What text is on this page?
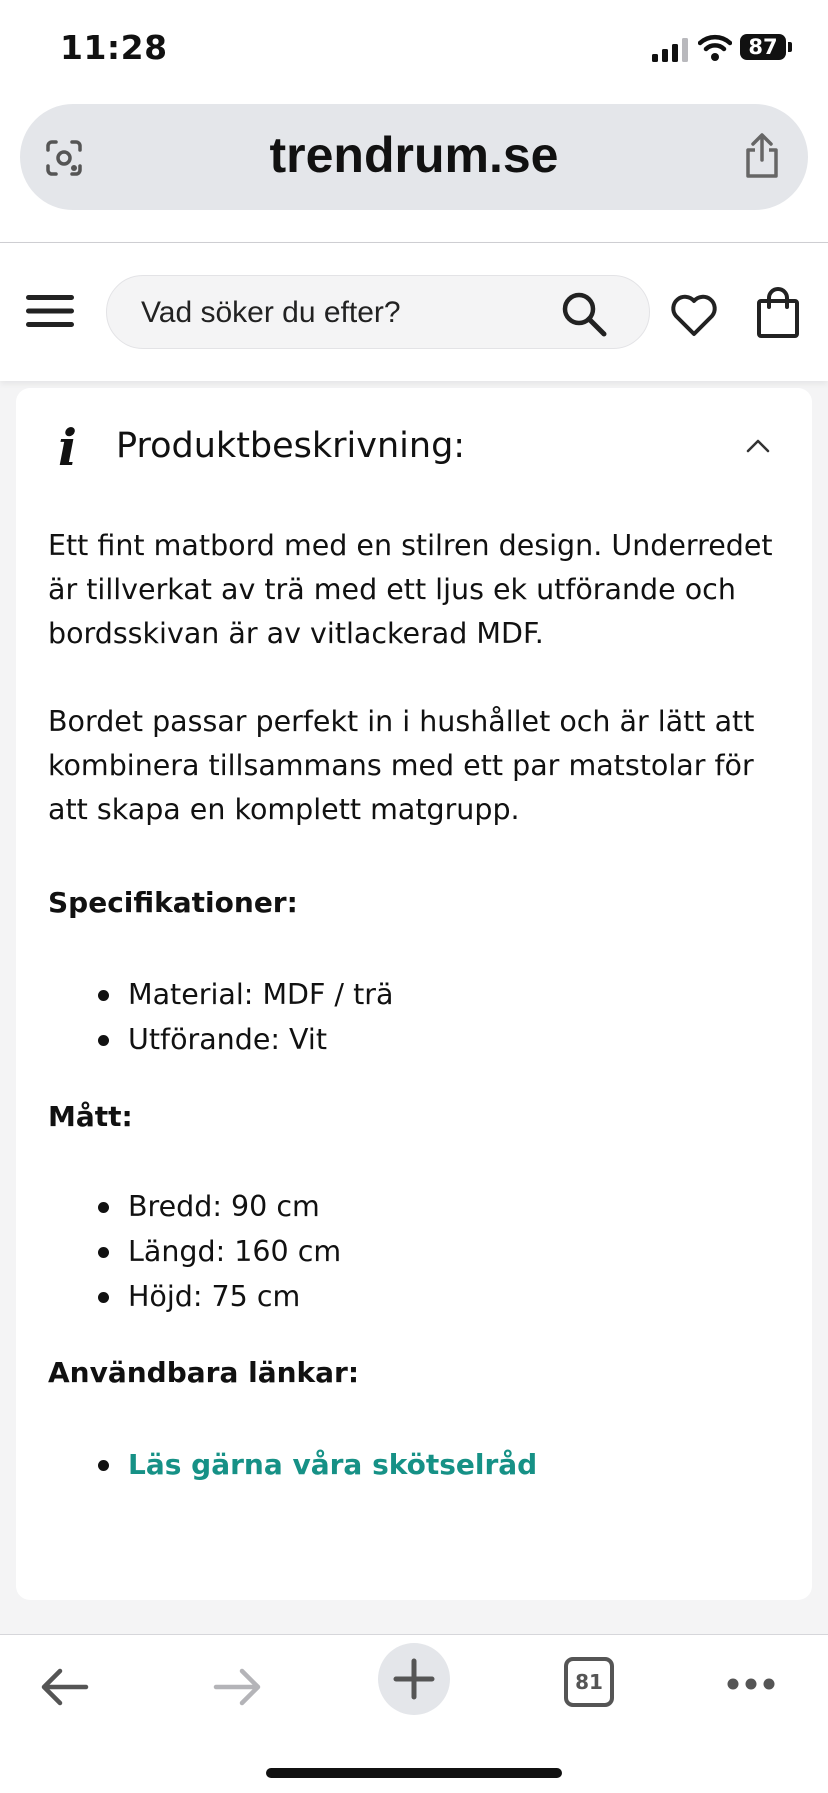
11:28	87
trendrum.se
Vad söker du efter?
i Produktbeskrivning:
Ett fint matbord med en stilren design. Underredet är tillverkat av trä med ett ljus ek utförande och bordsskivan är av vitlackerad MDF.
Bordet passar perfekt in i hushållet och är lätt att kombinera tillsammans med ett par matstolar för att skapa en komplett matgrupp.
Specifikationer:
Material: MDF / trä
Utförande: Vit
Mått:
Bredd: 90 cm
Längd: 160 cm
Höjd: 75 cm
Användbara länkar:
Läs gärna våra skötselråd
81
